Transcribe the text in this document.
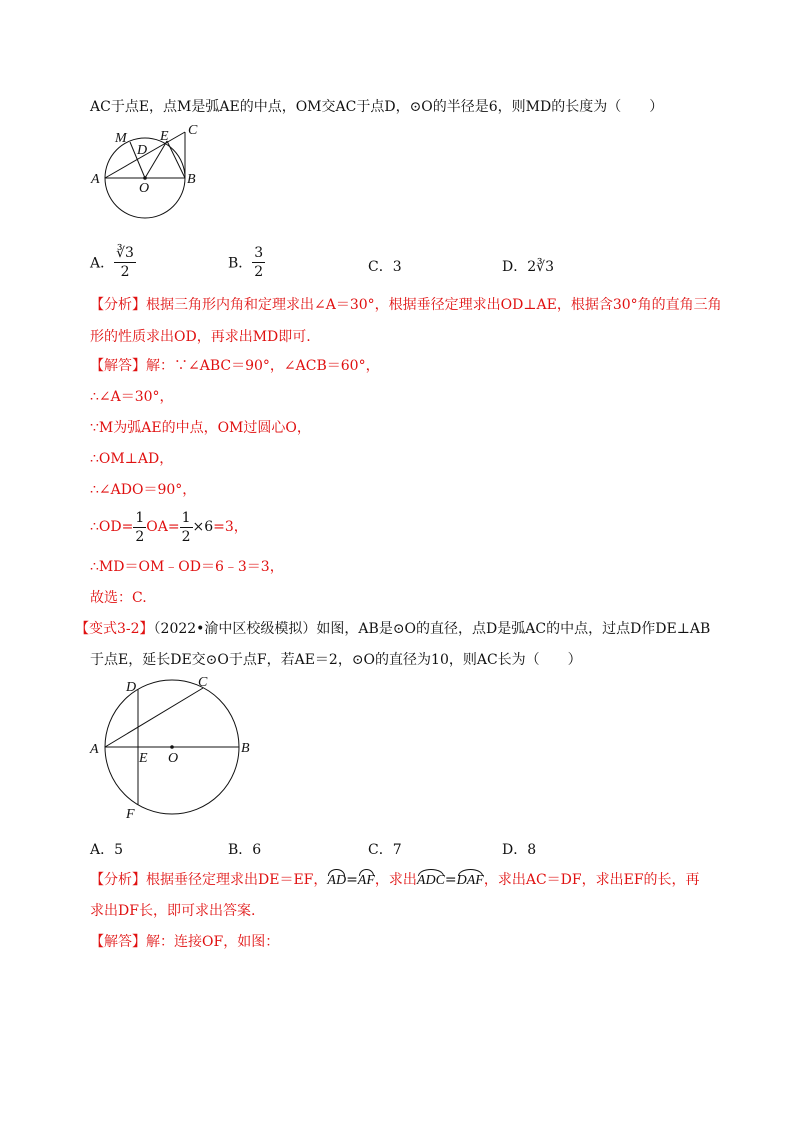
AC于点E，点M是弧AE的中点，OM交AC于点D，⊙O的半径是6，则MD的长度为（　　）
M E C
D
A
O
B
A． $\frac{∛3}{2}$	B． $\frac{3}{2}$	C．3	D．2∛3
【分析】根据三角形内角和定理求出∠A＝30°，根据垂径定理求出OD⊥AE，根据含30°角的直角三角
形的性质求出OD，再求出MD即可.
【解答】解：∵∠ABC＝90°，∠ACB＝60°，
∴∠A＝30°，
∵M为弧AE的中点，OM过圆心O，
∴OM⊥AD，
∴∠ADO＝90°，
∴OD= $\frac{1}{2} OA= \frac{1}{2} \times 6=3$，
∴MD＝OM﹣OD＝6﹣3＝3，
故选：C.
【变式3-2】（2022•渝中区校级模拟）如图，AB是⊙O的直径，点D是弧AC的中点，过点D作DE⊥AB
于点E，延长DE交⊙O于点F，若AE＝2，⊙O的直径为10，则AC长为（　　）
D	C
A
E O
B
F
A．5	B．6	C．7	D．8
【分析】根据垂径定理求出DE＝EF，AD=AF，求出ADC=DAF，求出AC＝DF，求出EF的长，再
求出DF长，即可求出答案.
【解答】解：连接OF，如图：
